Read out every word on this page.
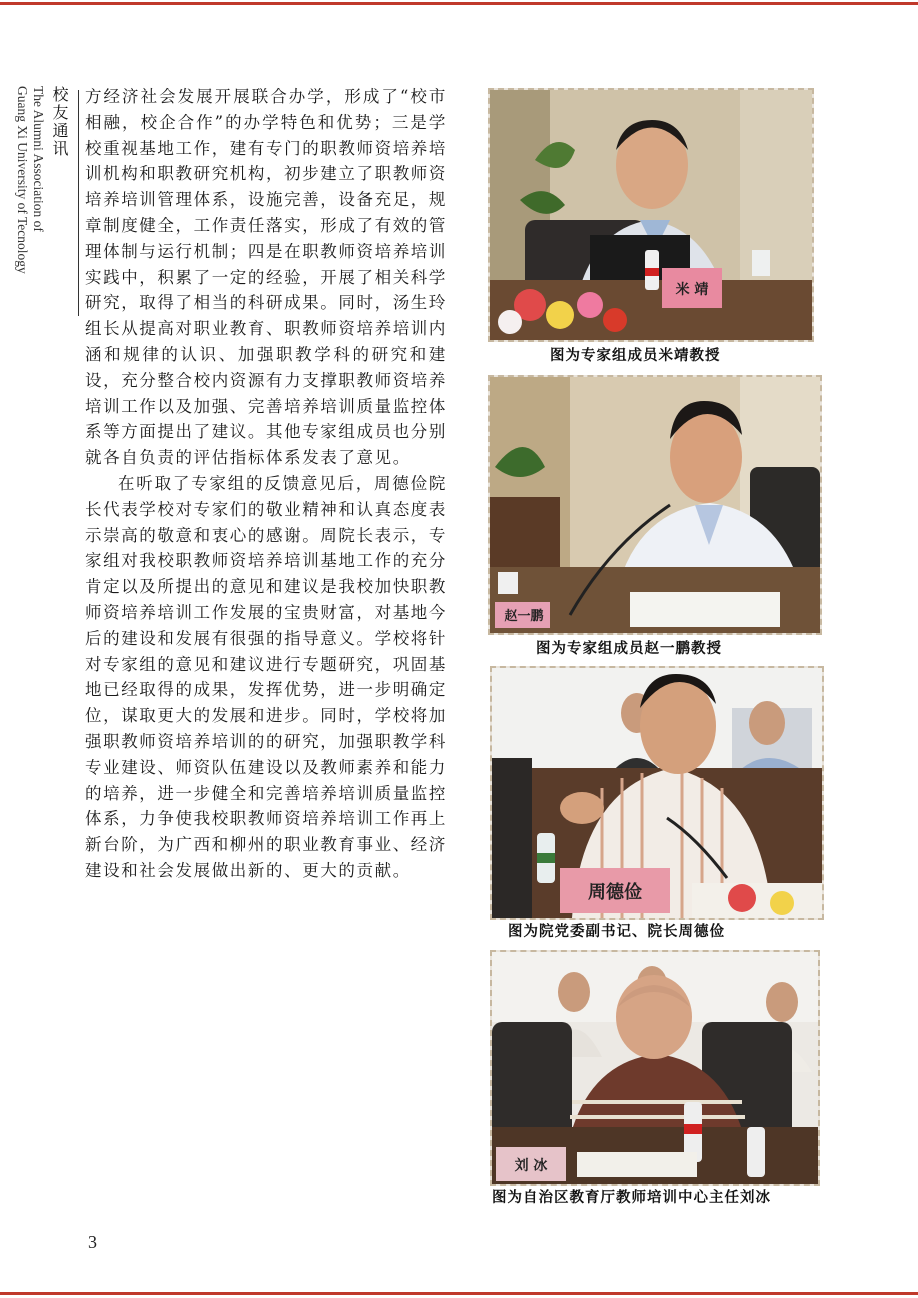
The Alumni Association of
Guang Xi University of Tecnology
校友通讯 方经济社会发展开展联合办学，形成了“校市相融，校企合作”的办学特色和优势；三是学校重视基地工作，建有专门的职教师资培养培训机构和职教研究机构，初步建立了职教师资培养培训管理体系，设施完善，设备充足，规章制度健全，工作责任落实，形成了有效的管理体制与运行机制；四是在职教师资培养培训实践中，积累了一定的经验，开展了相关科学研究，取得了相当的科研成果。同时，汤生玲组长从提高对职业教育、职教师资培养培训内涵和规律的认识、加强职教学科的研究和建设，充分整合校内资源有力支撑职教师资培养培训工作以及加强、完善培养培训质量监控体系等方面提出了建议。其他专家组成员也分别就各自负责的评估指标体系发表了意见。

在听取了专家组的反馈意见后，周德俭院长代表学校对专家们的敬业精神和认真态度表示崇高的敬意和衷心的感谢。周院长表示，专家组对我校职教师资培养培训基地工作的充分肯定以及所提出的意见和建议是我校加快职教师资培养培训工作发展的宝贵财富，对基地今后的建设和发展有很强的指导意义。学校将针对专家组的意见和建议进行专题研究，巩固基地已经取得的成果，发挥优势，进一步明确定位，谋取更大的发展和进步。同时，学校将加强职教师资培养培训的的研究，加强职教学科专业建设、师资队伍建设以及教师素养和能力的培养，进一步健全和完善培养培训质量监控体系，力争使我校职教师资培养培训工作再上新台阶，为广西和柳州的职业教育事业、经济建设和社会发展做出新的、更大的贡献。

米 靖
图为专家组成员米靖教授
赵一鹏
图为专家组成员赵一鹏教授
周德俭
图为院党委副书记、院长周德俭
刘 冰
图为自治区教育厅教师培训中心主任刘冰
3
